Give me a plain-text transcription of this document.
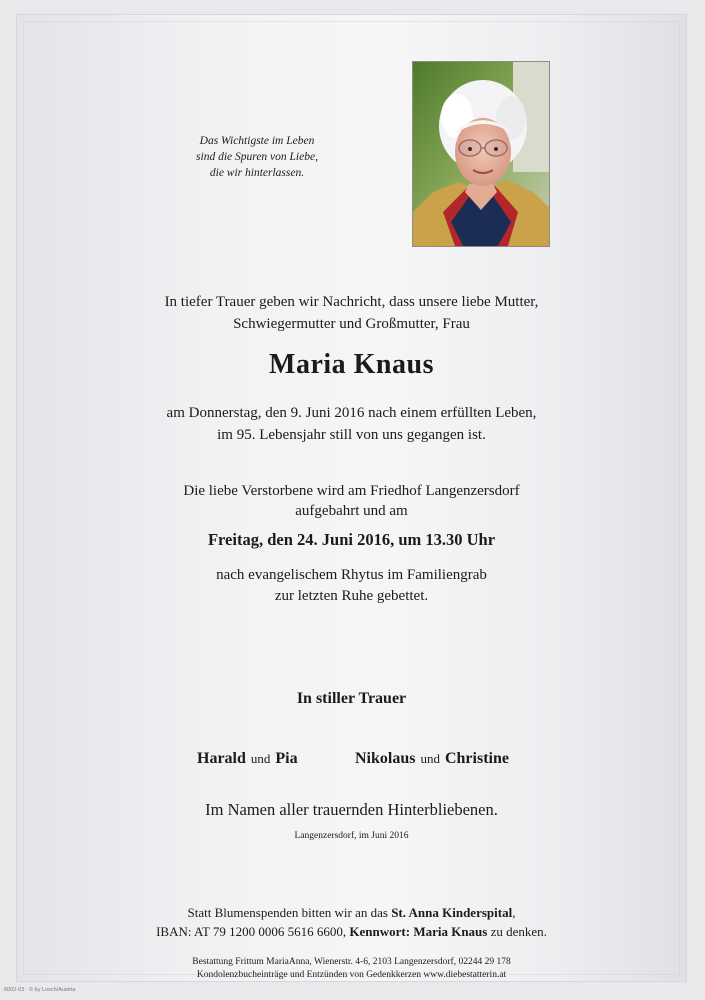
Das Wichtigste im Leben
sind die Spuren von Liebe,
die wir hinterlassen.
In tiefer Trauer geben wir Nachricht, dass unsere liebe Mutter,
Schwiegermutter und Großmutter, Frau
Maria Knaus
am Donnerstag, den 9. Juni 2016 nach einem erfüllten Leben,
im 95. Lebensjahr still von uns gegangen ist.
Die liebe Verstorbene wird am Friedhof Langenzersdorf
aufgebahrt und am
Freitag, den 24. Juni 2016, um 13.30 Uhr
nach evangelischem Rhytus im Familiengrab
zur letzten Ruhe gebettet.
In stiller Trauer
Harald und Pia	Nikolaus und Christine
Im Namen aller trauernden Hinterbliebenen.
Langenzersdorf, im Juni 2016
Statt Blumenspenden bitten wir an das St. Anna Kinderspital,
IBAN: AT 79 1200 0006 5616 6600, Kennwort: Maria Knaus zu denken.
Bestattung Frittum MariaAnna, Wienerstr. 4-6, 2103 Langenzersdorf, 02244 29 178
Kondolenzbucheinträge und Entzünden von Gedenkkerzen www.diebestatterin.at
6002-03 · © by Losch/Austria
